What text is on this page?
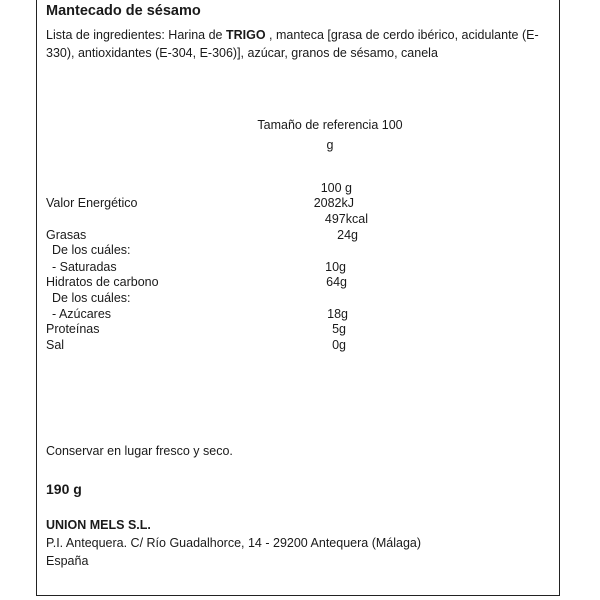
Mantecado de sésamo

Lista de ingredientes: Harina de TRIGO , manteca [grasa de cerdo ibérico, acidulante (E-330), antioxidantes (E-304, E-306)], azúcar, granos de sésamo, canela

Tamaño de referencia 100
g
100 g
Valor Energético	2082kJ
497kcal
Grasas	24g
De los cuáles:
- Saturadas	10g
Hidratos de carbono	64g
De los cuáles:
- Azúcares	18g
Proteínas	5g
Sal	0g
Conservar en lugar fresco y seco.
190 g
UNION MELS S.L.
P.I. Antequera. C/ Río Guadalhorce, 14 - 29200 Antequera (Málaga)
España
